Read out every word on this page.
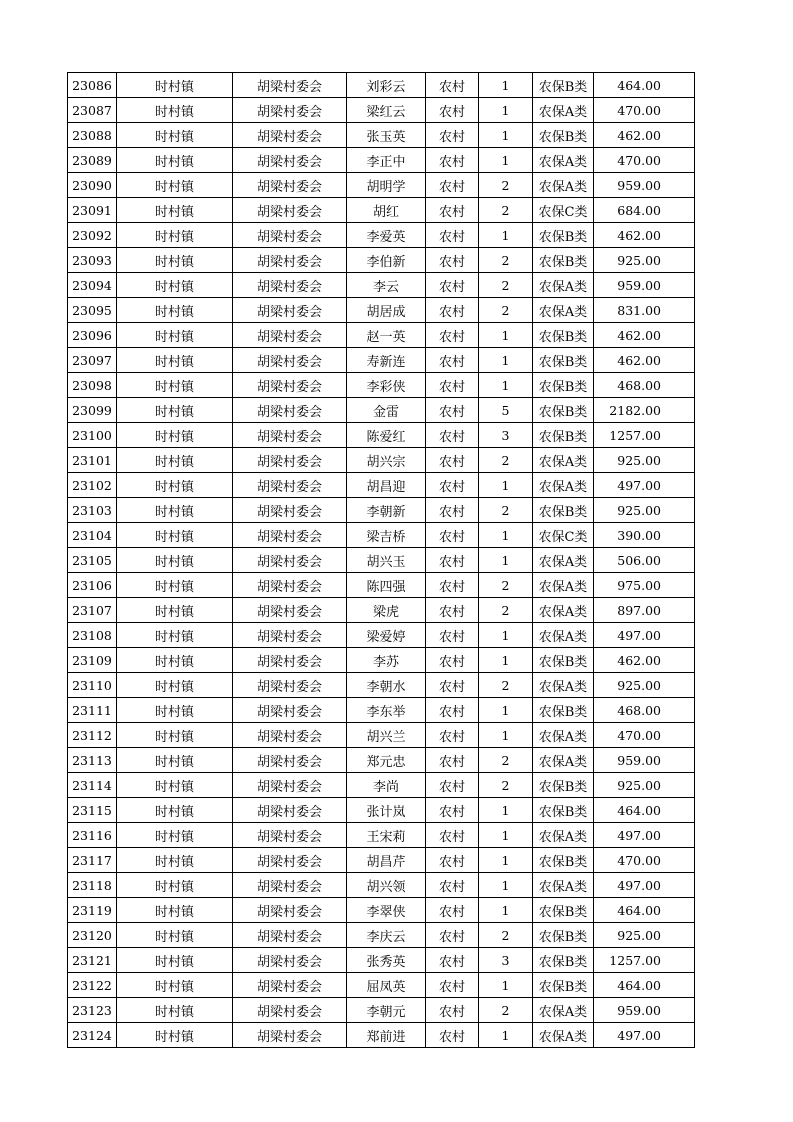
23086	时村镇	胡梁村委会	刘彩云	农村	1	农保B类	464.00
23087	时村镇	胡梁村委会	梁红云	农村	1	农保A类	470.00
23088	时村镇	胡梁村委会	张玉英	农村	1	农保B类	462.00
23089	时村镇	胡梁村委会	李正中	农村	1	农保A类	470.00
23090	时村镇	胡梁村委会	胡明学	农村	2	农保A类	959.00
23091	时村镇	胡梁村委会	胡红	农村	2	农保C类	684.00
23092	时村镇	胡梁村委会	李爱英	农村	1	农保B类	462.00
23093	时村镇	胡梁村委会	李伯新	农村	2	农保B类	925.00
23094	时村镇	胡梁村委会	李云	农村	2	农保A类	959.00
23095	时村镇	胡梁村委会	胡居成	农村	2	农保A类	831.00
23096	时村镇	胡梁村委会	赵一英	农村	1	农保B类	462.00
23097	时村镇	胡梁村委会	寿新连	农村	1	农保B类	462.00
23098	时村镇	胡梁村委会	李彩侠	农村	1	农保B类	468.00
23099	时村镇	胡梁村委会	金雷	农村	5	农保B类	2182.00
23100	时村镇	胡梁村委会	陈爱红	农村	3	农保B类	1257.00
23101	时村镇	胡梁村委会	胡兴宗	农村	2	农保A类	925.00
23102	时村镇	胡梁村委会	胡昌迎	农村	1	农保A类	497.00
23103	时村镇	胡梁村委会	李朝新	农村	2	农保B类	925.00
23104	时村镇	胡梁村委会	梁吉桥	农村	1	农保C类	390.00
23105	时村镇	胡梁村委会	胡兴玉	农村	1	农保A类	506.00
23106	时村镇	胡梁村委会	陈四强	农村	2	农保A类	975.00
23107	时村镇	胡梁村委会	梁虎	农村	2	农保A类	897.00
23108	时村镇	胡梁村委会	梁爱婷	农村	1	农保A类	497.00
23109	时村镇	胡梁村委会	李苏	农村	1	农保B类	462.00
23110	时村镇	胡梁村委会	李朝水	农村	2	农保A类	925.00
23111	时村镇	胡梁村委会	李东举	农村	1	农保B类	468.00
23112	时村镇	胡梁村委会	胡兴兰	农村	1	农保A类	470.00
23113	时村镇	胡梁村委会	郑元忠	农村	2	农保A类	959.00
23114	时村镇	胡梁村委会	李尚	农村	2	农保B类	925.00
23115	时村镇	胡梁村委会	张计岚	农村	1	农保B类	464.00
23116	时村镇	胡梁村委会	王宋莉	农村	1	农保A类	497.00
23117	时村镇	胡梁村委会	胡昌芹	农村	1	农保B类	470.00
23118	时村镇	胡梁村委会	胡兴领	农村	1	农保A类	497.00
23119	时村镇	胡梁村委会	李翠侠	农村	1	农保B类	464.00
23120	时村镇	胡梁村委会	李庆云	农村	2	农保B类	925.00
23121	时村镇	胡梁村委会	张秀英	农村	3	农保B类	1257.00
23122	时村镇	胡梁村委会	屈凤英	农村	1	农保B类	464.00
23123	时村镇	胡梁村委会	李朝元	农村	2	农保A类	959.00
23124	时村镇	胡梁村委会	郑前进	农村	1	农保A类	497.00
